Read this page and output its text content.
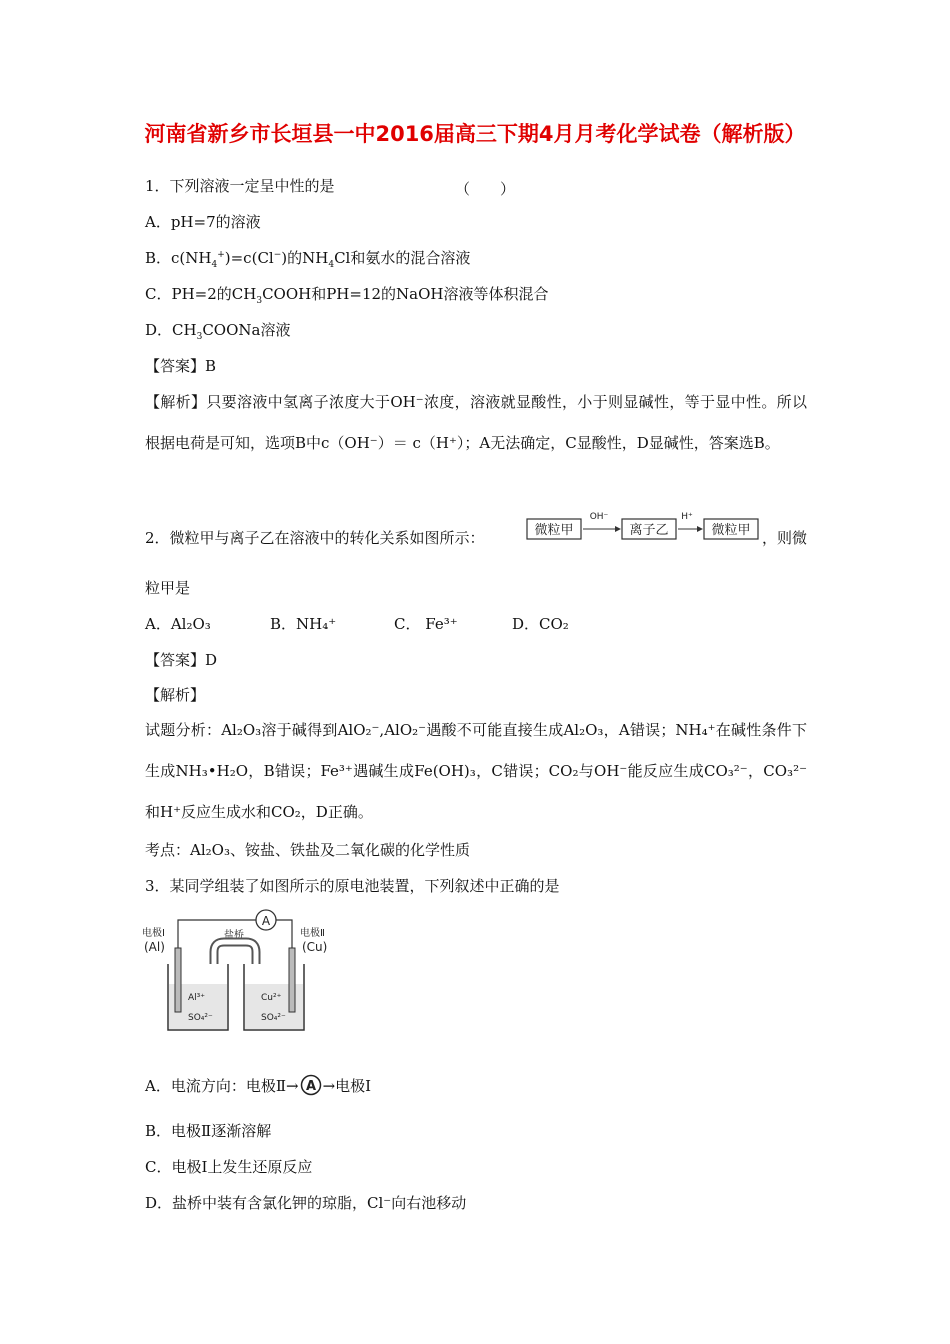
河南省新乡市长垣县一中2016届高三下期4月月考化学试卷（解析版）
1．下列溶液一定呈中性的是	（　　）
A．pH=7的溶液
B．$c(NH_4^+)=c(Cl^-)$的$NH_4Cl$和氨水的混合溶液
C．PH=2的$CH_3COOH$和PH=12的NaOH溶液等体积混合
D．$CH_3COONa$溶液
【答案】B
【解析】只要溶液中氢离子浓度大于OH⁻浓度，溶液就显酸性，小于则显碱性，等于显中性。所以根据电荷是可知，选项B中c（OH⁻）＝ c（H⁺）；A无法确定，C显酸性，D显碱性，答案选B。
2．微粒甲与离子乙在溶液中的转化关系如图所示：	微粒甲
OH⁻
离子乙
H⁺
微粒甲 ，则微
粒甲是
A．Al₂O₃	B．NH₄⁺	C． Fe³⁺	D．CO₂
【答案】D
【解析】
试题分析：Al₂O₃溶于碱得到AlO₂⁻,AlO₂⁻遇酸不可能直接生成Al₂O₃，A错误；NH₄⁺在碱性条件下生成NH₃•H₂O，B错误；Fe³⁺遇碱生成Fe(OH)₃，C错误；CO₂与OH⁻能反应生成CO₃²⁻，CO₃²⁻和H⁺反应生成水和CO₂，D正确。
考点：Al₂O₃、铵盐、铁盐及二氧化碳的化学性质
3．某同学组装了如图所示的原电池装置，下列叙述中正确的是
A
盐桥
电极Ⅰ
(Al)
电极Ⅱ
(Cu)
Al³⁺
SO₄²⁻
Cu²⁺
SO₄²⁻
A．电流方向：电极Ⅱ→ A →电极Ⅰ
B．电极Ⅱ逐渐溶解
C．电极Ⅰ上发生还原反应
D．盐桥中装有含氯化钾的琼脂，Cl⁻向右池移动
